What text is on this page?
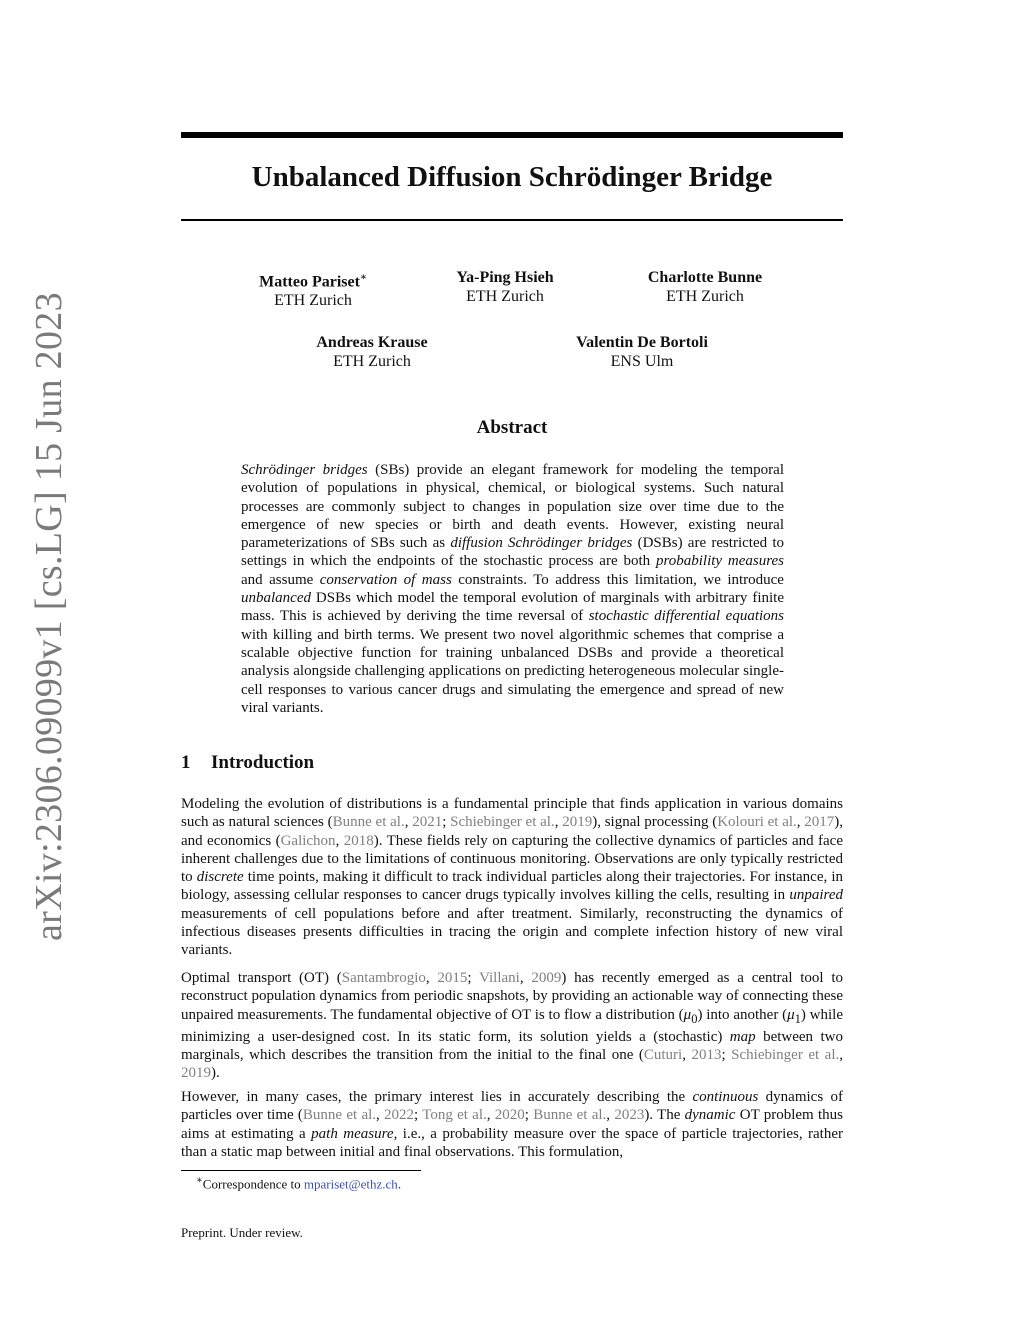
arXiv:2306.09099v1 [cs.LG] 15 Jun 2023
Unbalanced Diffusion Schrödinger Bridge
Matteo Pariset∗
ETH Zurich
Ya-Ping Hsieh
ETH Zurich
Charlotte Bunne
ETH Zurich
Andreas Krause
ETH Zurich
Valentin De Bortoli
ENS Ulm
Abstract

Schrödinger bridges (SBs) provide an elegant framework for modeling the temporal evolution of populations in physical, chemical, or biological systems. Such natural processes are commonly subject to changes in population size over time due to the emergence of new species or birth and death events. However, existing neural parameterizations of SBs such as diffusion Schrödinger bridges (DSBs) are restricted to settings in which the endpoints of the stochastic process are both probability measures and assume conservation of mass constraints. To address this limitation, we introduce unbalanced DSBs which model the temporal evolution of marginals with arbitrary finite mass. This is achieved by deriving the time reversal of stochastic differential equations with killing and birth terms. We present two novel algorithmic schemes that comprise a scalable objective function for training unbalanced DSBs and provide a theoretical analysis alongside challenging applications on predicting heterogeneous molecular single-cell responses to various cancer drugs and simulating the emergence and spread of new viral variants.

1 Introduction

Modeling the evolution of distributions is a fundamental principle that finds application in various domains such as natural sciences (Bunne et al., 2021; Schiebinger et al., 2019), signal processing (Kolouri et al., 2017), and economics (Galichon, 2018). These fields rely on capturing the collective dynamics of particles and face inherent challenges due to the limitations of continuous monitoring. Observations are only typically restricted to discrete time points, making it difficult to track individual particles along their trajectories. For instance, in biology, assessing cellular responses to cancer drugs typically involves killing the cells, resulting in unpaired measurements of cell populations before and after treatment. Similarly, reconstructing the dynamics of infectious diseases presents difficulties in tracing the origin and complete infection history of new viral variants.

Optimal transport (OT) (Santambrogio, 2015; Villani, 2009) has recently emerged as a central tool to reconstruct population dynamics from periodic snapshots, by providing an actionable way of connecting these unpaired measurements. The fundamental objective of OT is to flow a distribution $(\mu_0)$ into another $(\mu_1)$ while minimizing a user-designed cost. In its static form, its solution yields a (stochastic) map between two marginals, which describes the transition from the initial to the final one (Cuturi, 2013; Schiebinger et al., 2019).

However, in many cases, the primary interest lies in accurately describing the continuous dynamics of particles over time (Bunne et al., 2022; Tong et al., 2020; Bunne et al., 2023). The dynamic OT problem thus aims at estimating a path measure, i.e., a probability measure over the space of particle trajectories, rather than a static map between initial and final observations. This formulation,

∗Correspondence to mpariset@ethz.ch.
Preprint. Under review.
